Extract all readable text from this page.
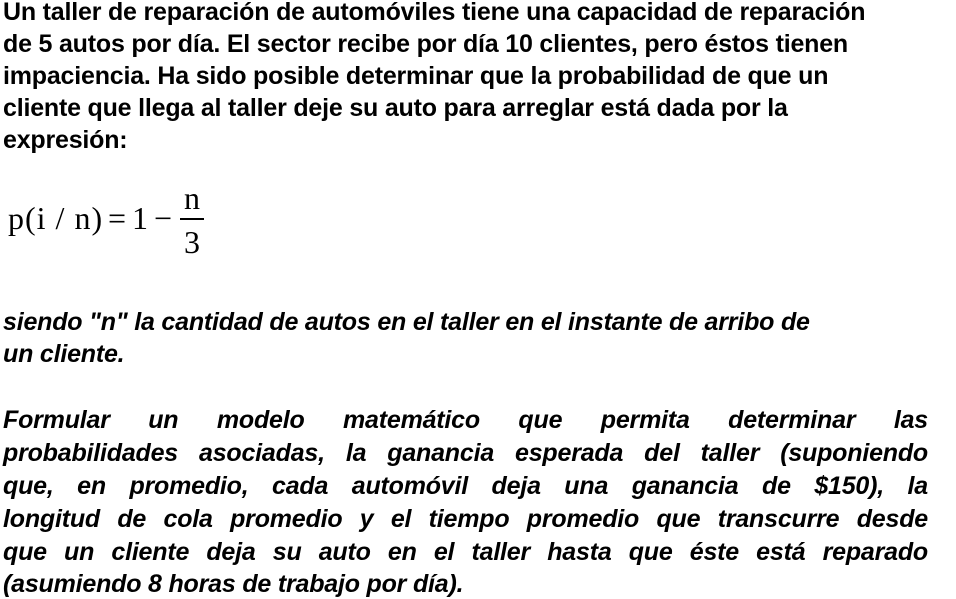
Un taller de reparación de automóviles tiene una capacidad de reparación
de 5 autos por día. El sector recibe por día 10 clientes, pero éstos tienen
impaciencia. Ha sido posible determinar que la probabilidad de que un
cliente que llega al taller deje su auto para arreglar está dada por la
expresión:
p(i / n) = 1 −
n
3
siendo "n" la cantidad de autos en el taller en el instante de arribo de
un cliente.
Formular un modelo matemático que permita determinar las
probabilidades asociadas, la ganancia esperada del taller (suponiendo
que, en promedio, cada automóvil deja una ganancia de $150), la
longitud de cola promedio y el tiempo promedio que transcurre desde
que un cliente deja su auto en el taller hasta que éste está reparado
(asumiendo 8 horas de trabajo por día).
